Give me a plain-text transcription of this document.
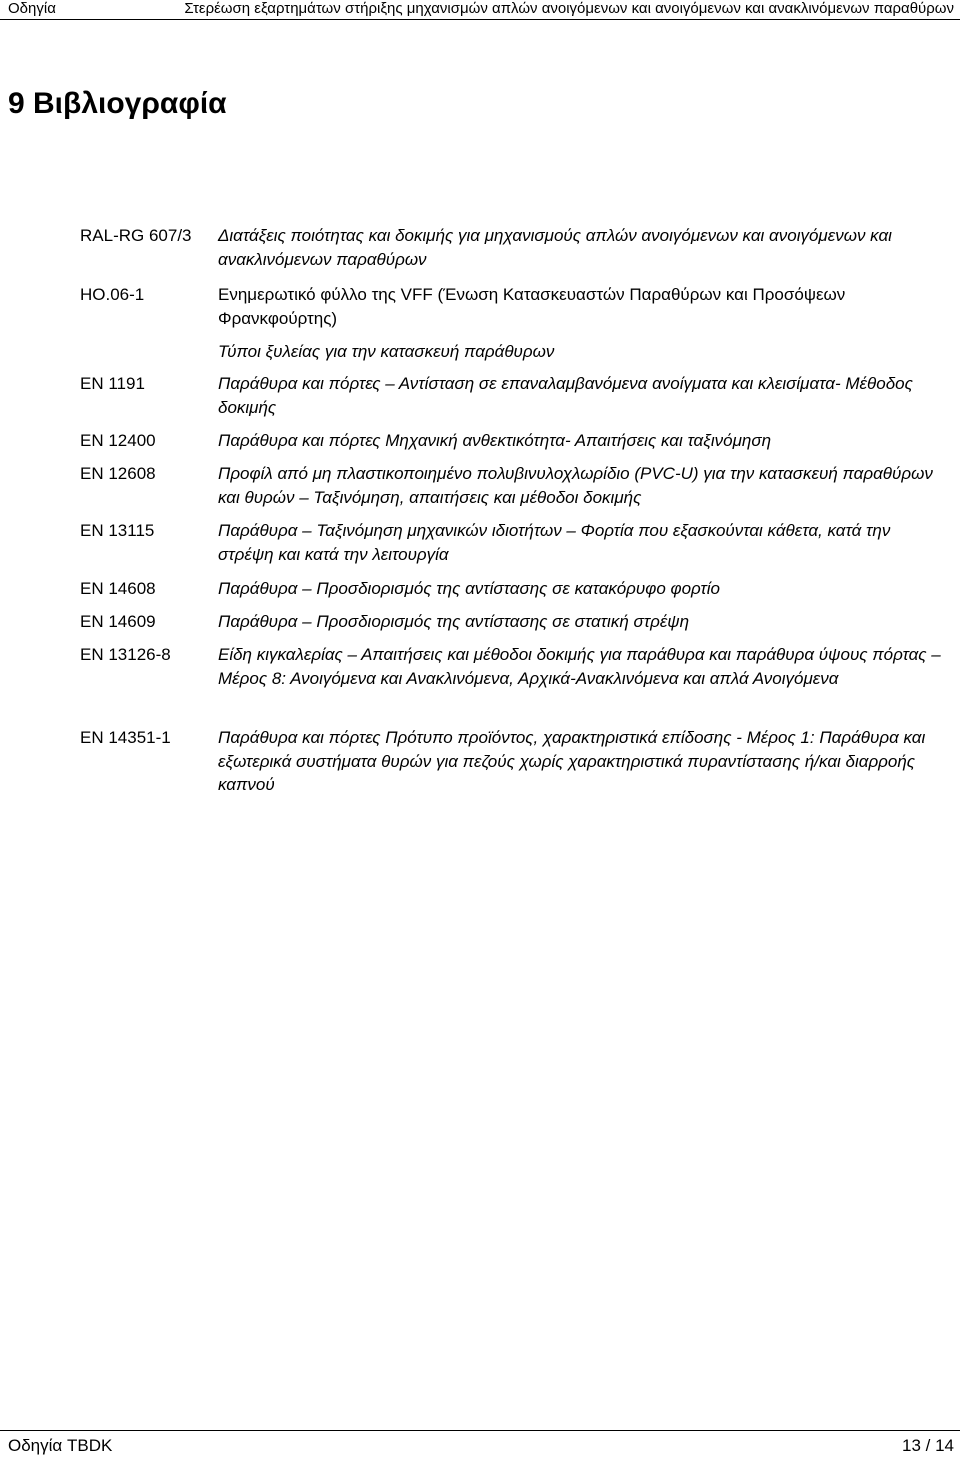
Οδηγία	Στερέωση εξαρτημάτων στήριξης μηχανισμών απλών ανοιγόμενων και ανοιγόμενων και ανακλινόμενων παραθύρων
9 Βιβλιογραφία
RAL-RG 607/3 Διατάξεις ποιότητας και δοκιμής για μηχανισμούς απλών ανοιγόμενων και ανοιγόμενων και ανακλινόμενων παραθύρων
HO.06-1	Ενημερωτικό φύλλο της VFF (Ένωση Κατασκευαστών Παραθύρων και Προσόψεων Φρανκφούρτης)
Τύποι ξυλείας για την κατασκευή παράθυρων
EN 1191	Παράθυρα και πόρτες – Αντίσταση σε επαναλαμβανόμενα ανοίγματα και κλεισίματα- Μέθοδος δοκιμής
EN 12400	Παράθυρα και πόρτες Μηχανική ανθεκτικότητα- Απαιτήσεις και ταξινόμηση
EN 12608	Προφίλ από μη πλαστικοποιημένο πολυβινυλοχλωρίδιο (PVC-U) για την κατασκευή παραθύρων και θυρών – Ταξινόμηση, απαιτήσεις και μέθοδοι δοκιμής
EN 13115	Παράθυρα – Ταξινόμηση μηχανικών ιδιοτήτων – Φορτία που εξασκούνται κάθετα, κατά την στρέψη και κατά την λειτουργία
EN 14608	Παράθυρα – Προσδιορισμός της αντίστασης σε κατακόρυφο φορτίο
EN 14609	Παράθυρα – Προσδιορισμός της αντίστασης σε στατική στρέψη
EN 13126-8	Είδη κιγκαλερίας – Απαιτήσεις και μέθοδοι δοκιμής για παράθυρα και παράθυρα ύψους πόρτας – Μέρος 8: Ανοιγόμενα και Ανακλινόμενα, Αρχικά-Ανακλινόμενα και απλά Ανοιγόμενα
EN 14351-1	Παράθυρα και πόρτες Πρότυπο προϊόντος, χαρακτηριστικά επίδοσης - Μέρος 1: Παράθυρα και εξωτερικά συστήματα θυρών για πεζούς χωρίς χαρακτηριστικά πυραντίστασης ή/και διαρροής καπνού
Οδηγία TBDK	13 / 14
